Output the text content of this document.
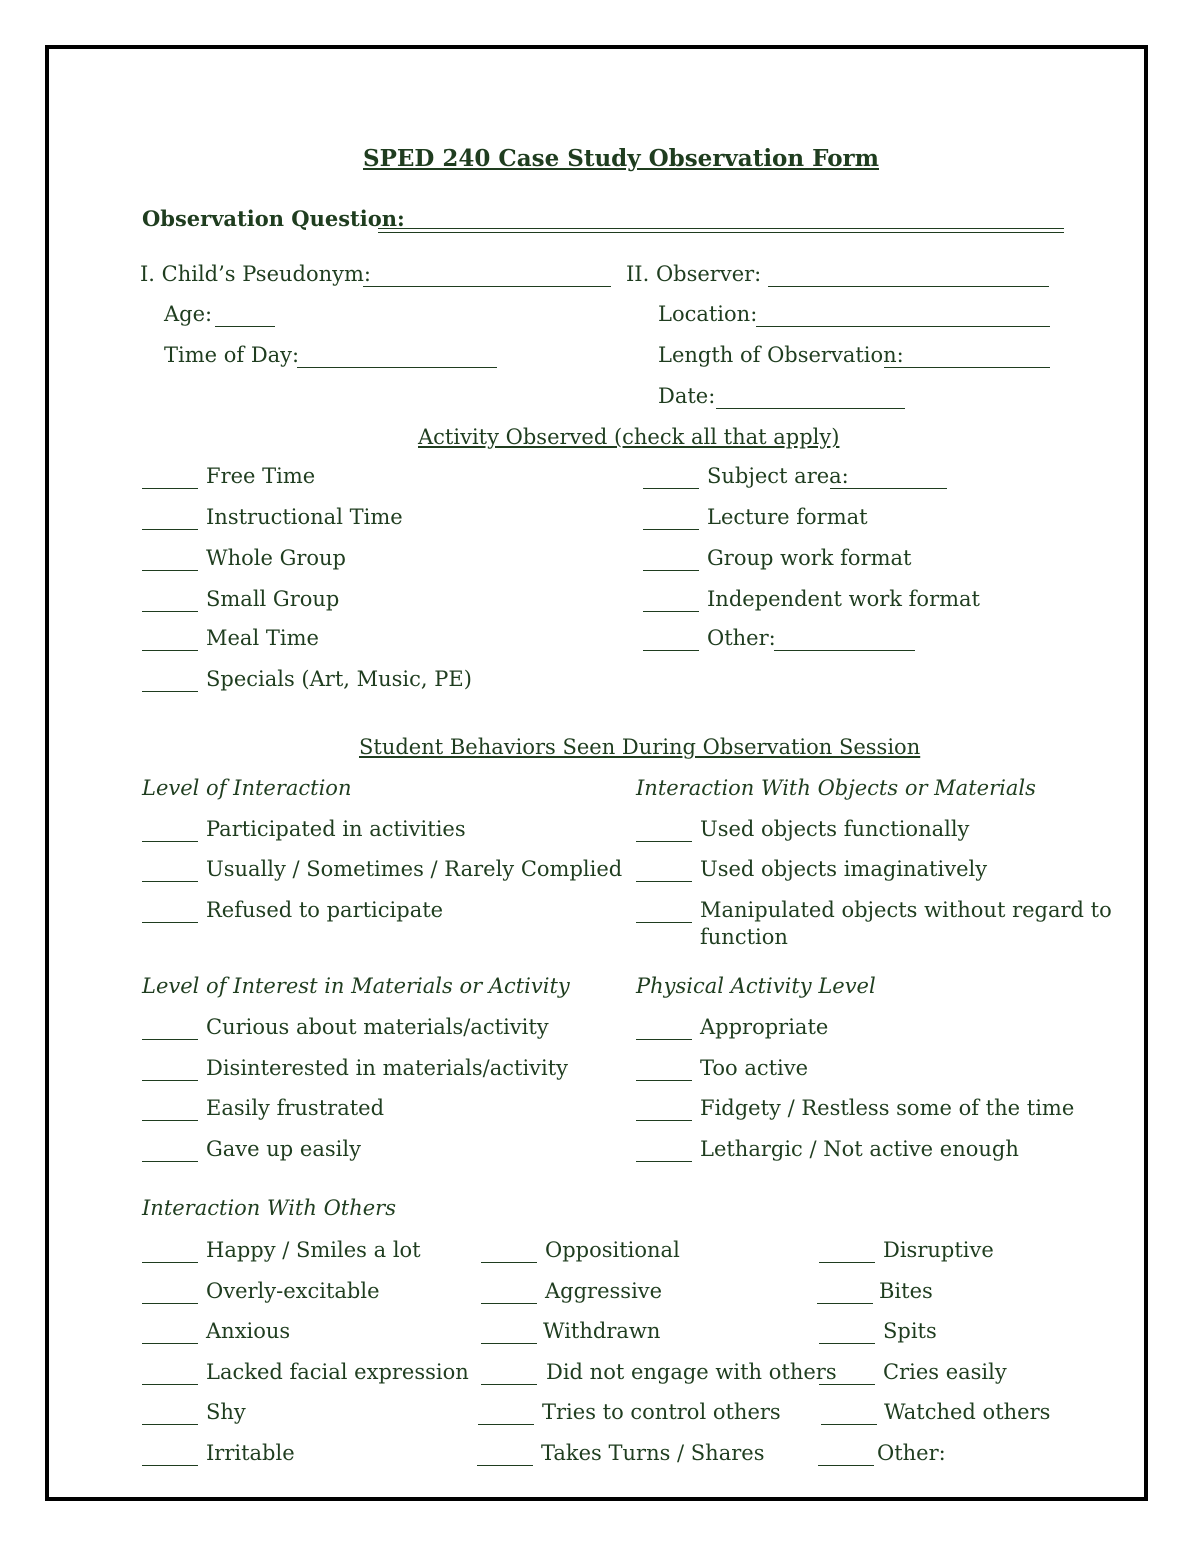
SPED 240 Case Study Observation Form
Observation Question:
I. Child’s Pseudonym:	II. Observer:
Age:	Location:
Time of Day:	Length of Observation:
Date:
Activity Observed (check all that apply)
Free Time
Instructional Time
Whole Group
Small Group
Meal Time
Specials (Art, Music, PE)
Subject area:
Lecture format
Group work format
Independent work format
Other:
Student Behaviors Seen During Observation Session
Level of Interaction
Participated in activities
Usually / Sometimes / Rarely Complied
Refused to participate
Interaction With Objects or Materials
Used objects functionally
Used objects imaginatively
Manipulated objects without regard to
function
Level of Interest in Materials or Activity
Curious about materials/activity
Disinterested in materials/activity
Easily frustrated
Gave up easily
Physical Activity Level
Appropriate
Too active
Fidgety / Restless some of the time
Lethargic / Not active enough
Interaction With Others
Happy / Smiles a lot
Overly-excitable
Anxious
Lacked facial expression
Shy
Irritable
Oppositional
Aggressive
Withdrawn
Did not engage with others
Tries to control others
Takes Turns / Shares
Disruptive
Bites
Spits
Cries easily
Watched others
Other:
